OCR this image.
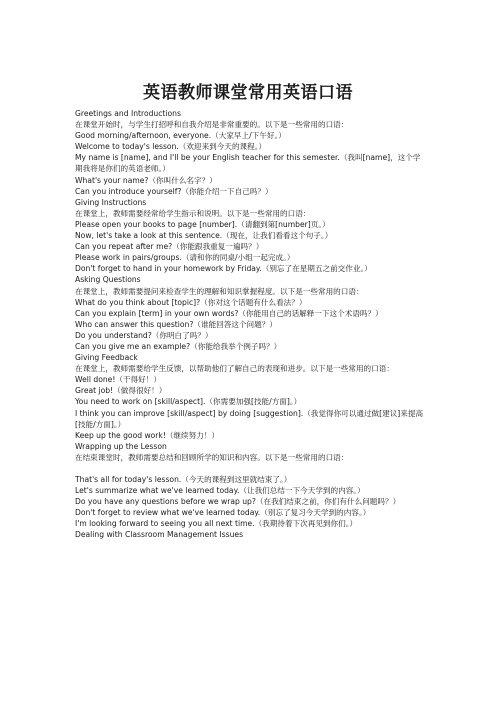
英语教师课堂常用英语口语
Greetings and Introductions
在课堂开始时，与学生打招呼和自我介绍是非常重要的。以下是一些常用的口语：
Good morning/afternoon, everyone.（大家早上/下午好。）
Welcome to today's lesson.（欢迎来到今天的课程。）
My name is [name], and I'll be your English teacher for this semester.（我叫[name]，这个学期我将是你们的英语老师。）
What's your name?（你叫什么名字？）
Can you introduce yourself?（你能介绍一下自己吗？）
Giving Instructions
在课堂上，教师需要经常给学生指示和说明。以下是一些常用的口语：
Please open your books to page [number].（请翻到第[number]页。）
Now, let's take a look at this sentence.（现在，让我们看看这个句子。）
Can you repeat after me?（你能跟我重复一遍吗？）
Please work in pairs/groups.（请和你的同桌/小组一起完成。）
Don't forget to hand in your homework by Friday.（别忘了在星期五之前交作业。）
Asking Questions
在课堂上，教师需要提问来检查学生的理解和知识掌握程度。以下是一些常用的口语：
What do you think about [topic]?（你对这个话题有什么看法？）
Can you explain [term] in your own words?（你能用自己的话解释一下这个术语吗？）
Who can answer this question?（谁能回答这个问题？）
Do you understand?（你明白了吗？）
Can you give me an example?（你能给我举个例子吗？）
Giving Feedback
在课堂上，教师需要给学生反馈，以帮助他们了解自己的表现和进步。以下是一些常用的口语：
Well done!（干得好！）
Great job!（做得很好！）
You need to work on [skill/aspect].（你需要加强[技能/方面]。）
I think you can improve [skill/aspect] by doing [suggestion].（我觉得你可以通过做[建议]来提高[技能/方面]。）
Keep up the good work!（继续努力！）
Wrapping up the Lesson
在结束课堂时，教师需要总结和回顾所学的知识和内容。以下是一些常用的口语：
That's all for today's lesson.（今天的课程到这里就结束了。）
Let's summarize what we've learned today.（让我们总结一下今天学到的内容。）
Do you have any questions before we wrap up?（在我们结束之前，你们有什么问题吗？）
Don't forget to review what we've learned today.（别忘了复习今天学到的内容。）
I'm looking forward to seeing you all next time.（我期待着下次再见到你们。）
Dealing with Classroom Management Issues
